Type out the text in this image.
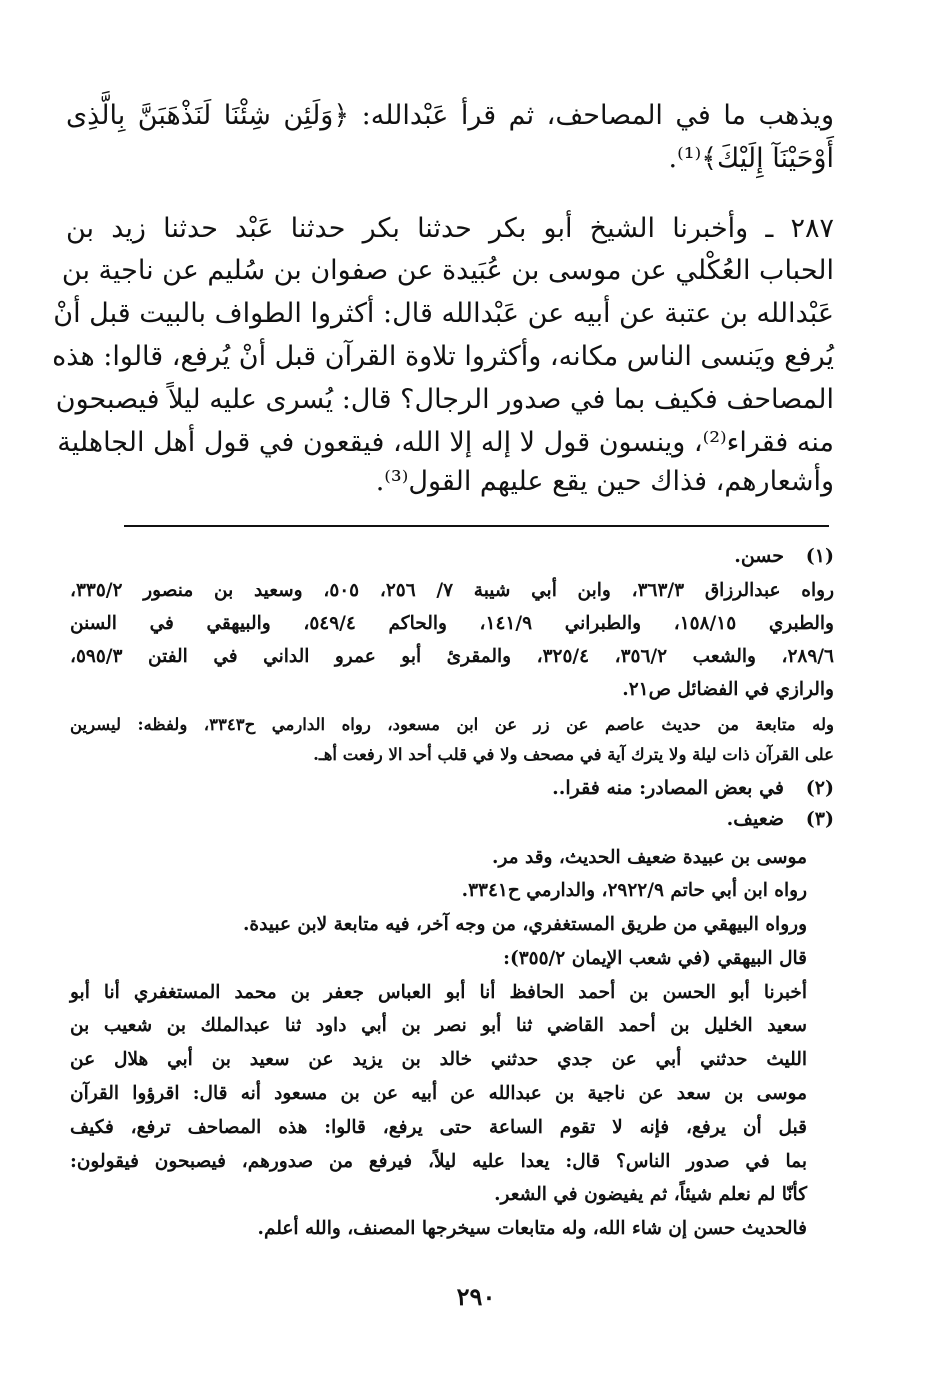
ويذهب ما في المصاحف، ثم قرأ عَبْدالله: ﴿وَلَئِن شِئْنَا لَنَذْهَبَنَّ بِالَّذِى
أَوْحَيْنَآ إِلَيْكَ﴾⁽¹⁾.
٢٨٧ ـ وأخبرنا الشيخ أبو بكر حدثنا بكر حدثنا عَبْد حدثنا زيد بن
الحباب العُكْلي عن موسى بن عُبَيدة عن صفوان بن سُليم عن ناجية بن
عَبْدالله بن عتبة عن أبيه عن عَبْدالله قال: أكثروا الطواف بالبيت قبل أنْ
يُرفع ويَنسى الناس مكانه، وأكثروا تلاوة القرآن قبل أنْ يُرفع، قالوا: هذه
المصاحف فكيف بما في صدور الرجال؟ قال: يُسرى عليه ليلاً فيصبحون
منه فقراء⁽²⁾، وينسون قول لا إله إلا الله، فيقعون في قول أهل الجاهلية
وأشعارهم، فذاك حين يقع عليهم القول⁽³⁾.
(١)
حسن.
رواه عبدالرزاق ٣٦٣/٣، وابن أبي شيبة ٧/ ٢٥٦، ٥٠٥، وسعيد بن منصور ٣٣٥/٢،
والطبري ١٥٨/١٥، والطبراني ١٤١/٩، والحاكم ٥٤٩/٤، والبيهقي في السنن
٢٨٩/٦، والشعب ٣٥٦/٢، ٣٢٥/٤، والمقرئ أبو عمرو الداني في الفتن ٥٩٥/٣،
والرازي في الفضائل ص٢١.
وله متابعة من حديث عاصم عن زر عن ابن مسعود، رواه الدارمي ح٣٣٤٣، ولفظه: ليسرين
على القرآن ذات ليلة ولا يترك آية في مصحف ولا في قلب أحد الا رفعت أهـ.
(٢)
في بعض المصادر: منه فقرا..
(٣)
ضعيف.
موسى بن عبيدة ضعيف الحديث، وقد مر.
رواه ابن أبي حاتم ٢٩٢٢/٩، والدارمي ح٣٣٤١.
ورواه البيهقي من طريق المستغفري، من وجه آخر، فيه متابعة لابن عبيدة.
قال البيهقي (في شعب الإيمان ٣٥٥/٢):
أخبرنا أبو الحسن بن أحمد الحافظ أنا أبو العباس جعفر بن محمد المستغفري أنا أبو
سعيد الخليل بن أحمد القاضي ثنا أبو نصر بن أبي داود ثنا عبدالملك بن شعيب بن
الليث حدثني أبي عن جدي حدثني خالد بن يزيد عن سعيد بن أبي هلال عن
موسى بن سعد عن ناجية بن عبدالله عن أبيه عن بن مسعود أنه قال: اقرؤوا القرآن
قبل أن يرفع، فإنه لا تقوم الساعة حتى يرفع، قالوا: هذه المصاحف ترفع، فكيف
بما في صدور الناس؟ قال: يعدا عليه ليلاً، فيرفع من صدورهم، فيصبحون فيقولون:
كأنّا لم نعلم شيئاً، ثم يفيضون في الشعر.
فالحديث حسن إن شاء الله، وله متابعات سيخرجها المصنف، والله أعلم.
٢٩٠
